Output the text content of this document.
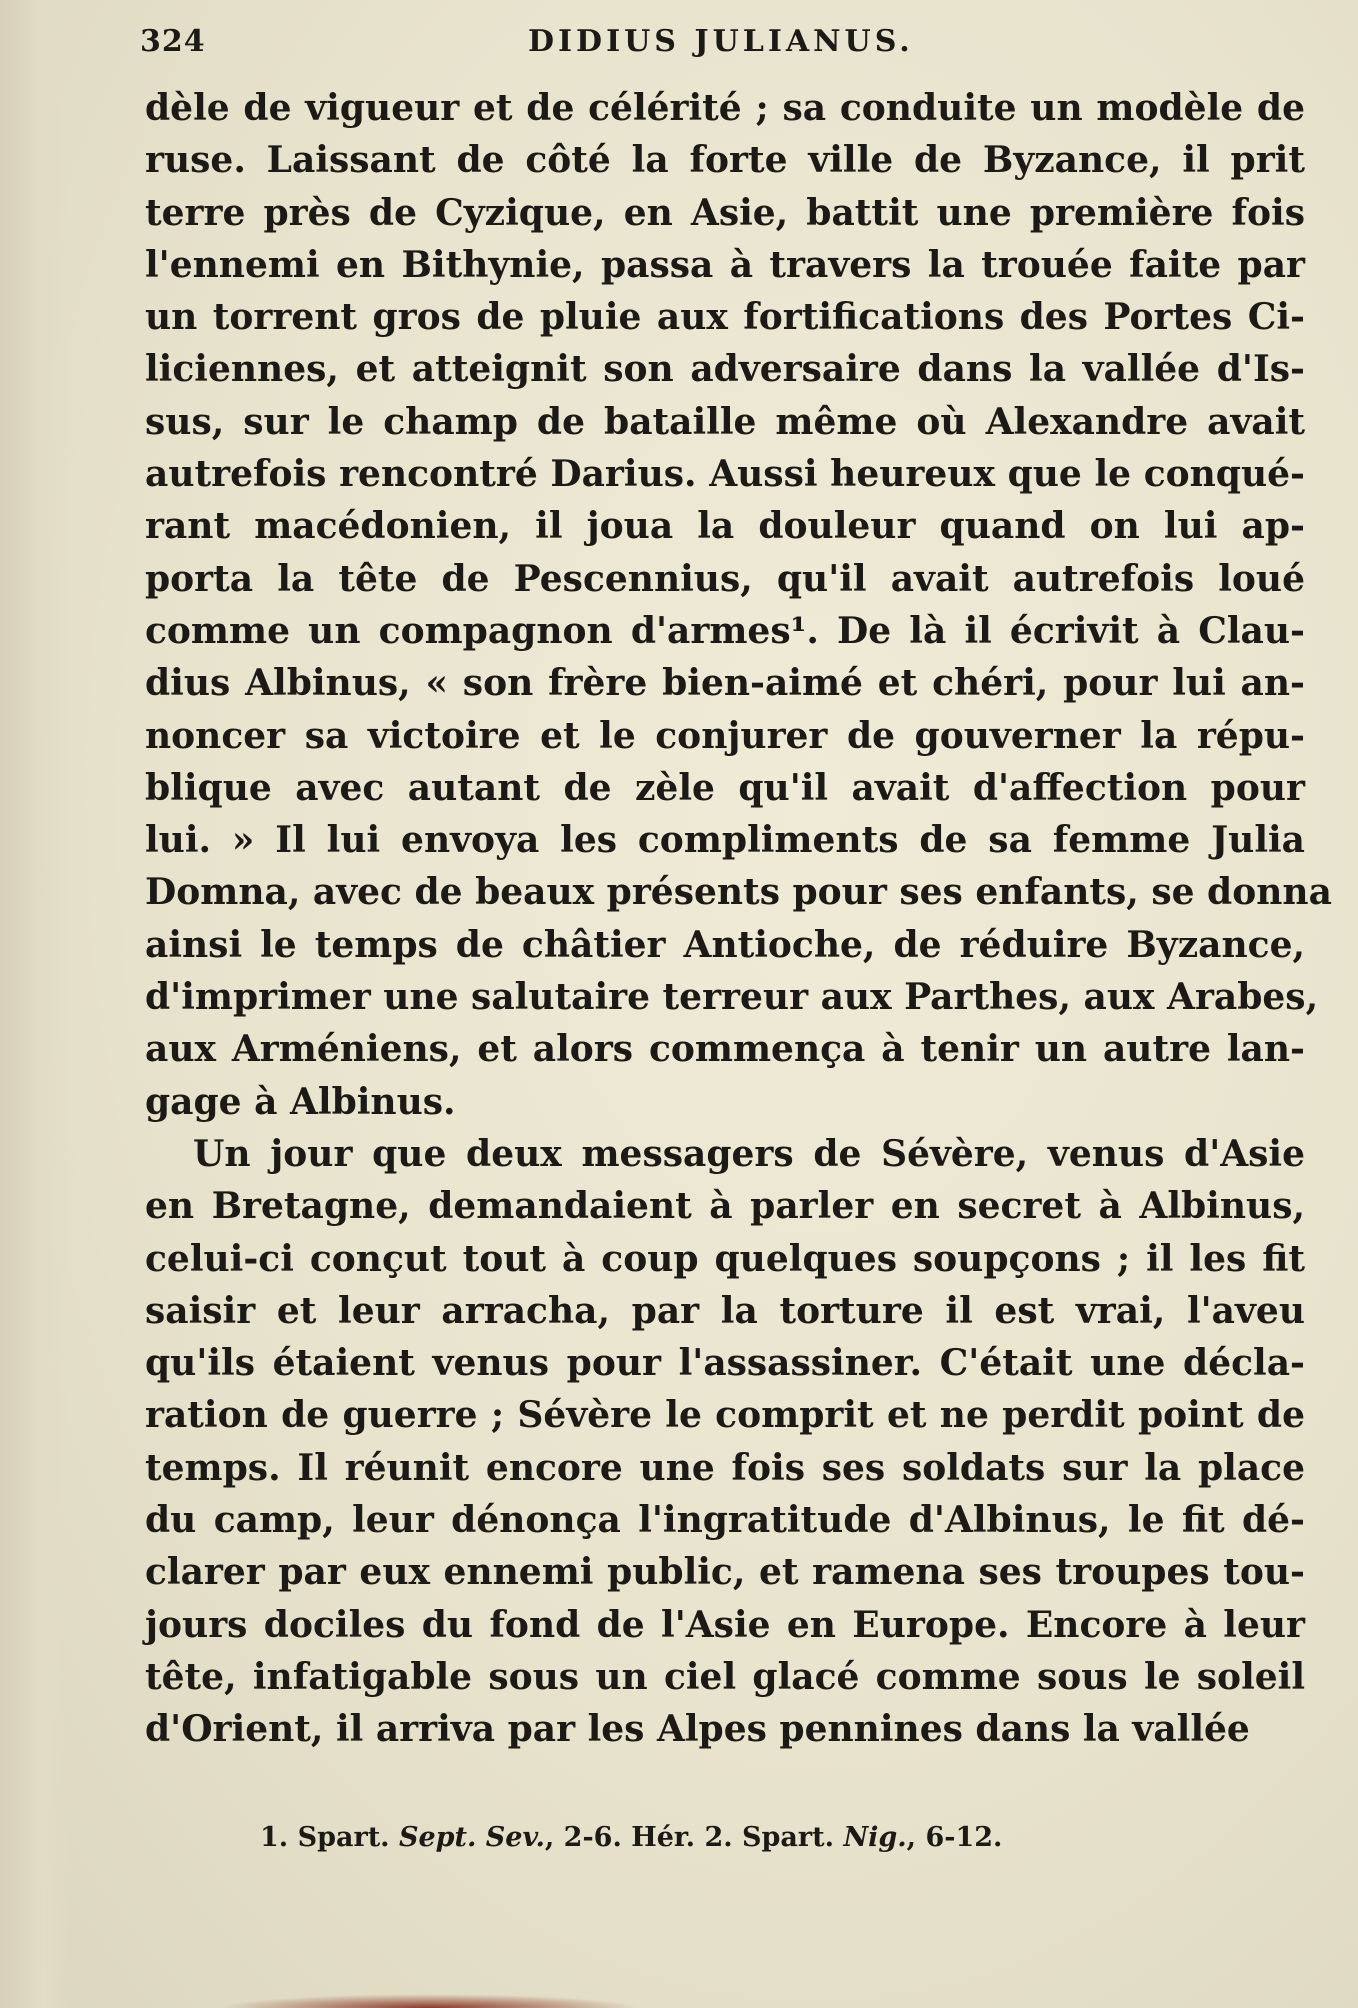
324	DIDIUS JULIANUS.
dèle de vigueur et de célérité ; sa conduite un modèle de
ruse. Laissant de côté la forte ville de Byzance, il prit
terre près de Cyzique, en Asie, battit une première fois
l'ennemi en Bithynie, passa à travers la trouée faite par
un torrent gros de pluie aux fortifications des Portes Ci-
liciennes, et atteignit son adversaire dans la vallée d'Is-
sus, sur le champ de bataille même où Alexandre avait
autrefois rencontré Darius. Aussi heureux que le conqué-
rant macédonien, il joua la douleur quand on lui ap-
porta la tête de Pescennius, qu'il avait autrefois loué
comme un compagnon d'armes¹. De là il écrivit à Clau-
dius Albinus, « son frère bien-aimé et chéri, pour lui an-
noncer sa victoire et le conjurer de gouverner la répu-
blique avec autant de zèle qu'il avait d'affection pour
lui. » Il lui envoya les compliments de sa femme Julia
Domna, avec de beaux présents pour ses enfants, se donna
ainsi le temps de châtier Antioche, de réduire Byzance,
d'imprimer une salutaire terreur aux Parthes, aux Arabes,
aux Arméniens, et alors commença à tenir un autre lan-
gage à Albinus.
Un jour que deux messagers de Sévère, venus d'Asie
en Bretagne, demandaient à parler en secret à Albinus,
celui-ci conçut tout à coup quelques soupçons ; il les fit
saisir et leur arracha, par la torture il est vrai, l'aveu
qu'ils étaient venus pour l'assassiner. C'était une décla-
ration de guerre ; Sévère le comprit et ne perdit point de
temps. Il réunit encore une fois ses soldats sur la place
du camp, leur dénonça l'ingratitude d'Albinus, le fit dé-
clarer par eux ennemi public, et ramena ses troupes tou-
jours dociles du fond de l'Asie en Europe. Encore à leur
tête, infatigable sous un ciel glacé comme sous le soleil
d'Orient, il arriva par les Alpes pennines dans la vallée
1. Spart. Sept. Sev., 2-6. Hér. 2. Spart. Nig., 6-12.
